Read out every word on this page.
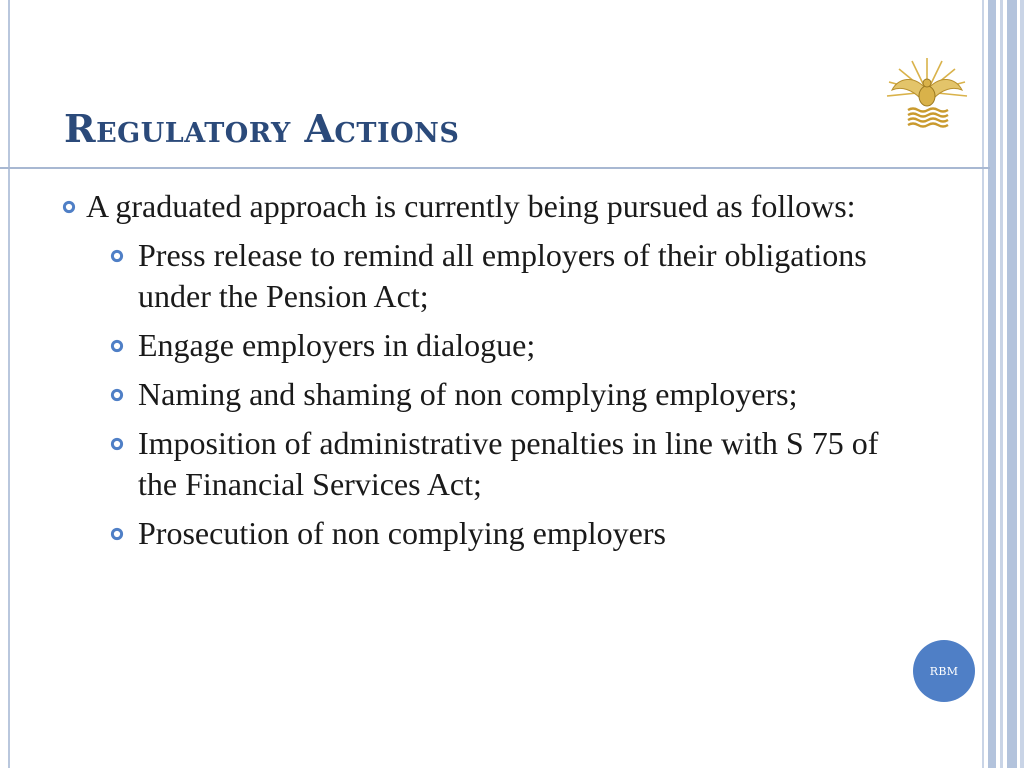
Regulatory Actions
A graduated approach is currently being pursued as follows:
Press release to remind all employers of their obligations under the Pension Act;
Engage employers in dialogue;
Naming and shaming of non complying employers;
Imposition of administrative penalties in line with S 75 of the Financial Services Act;
Prosecution of non complying employers
RBM
